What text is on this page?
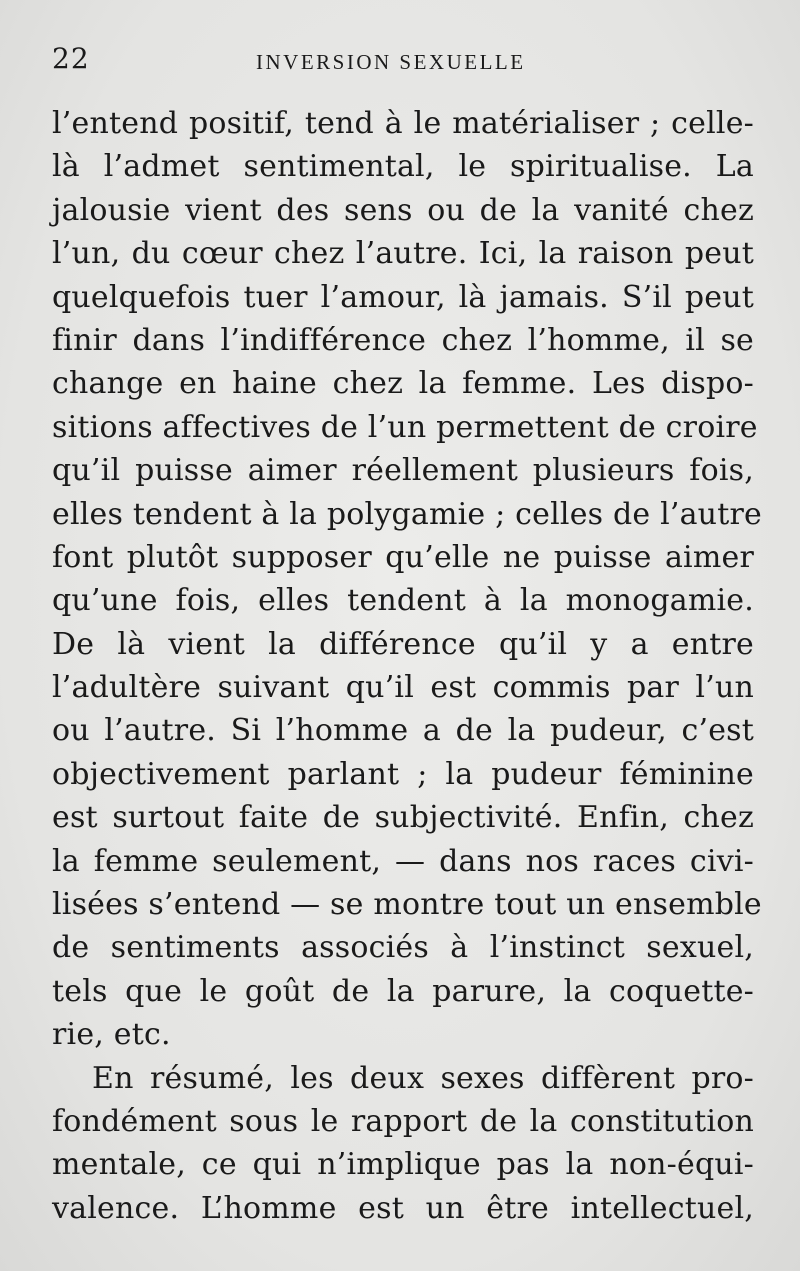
22	INVERSION SEXUELLE
l’entend positif, tend à le matérialiser ; celle-
là l’admet sentimental, le spiritualise. La
jalousie vient des sens ou de la vanité chez
l’un, du cœur chez l’autre. Ici, la raison peut
quelquefois tuer l’amour, là jamais. S’il peut
finir dans l’indifférence chez l’homme, il se
change en haine chez la femme. Les dispo-
sitions affectives de l’un permettent de croire
qu’il puisse aimer réellement plusieurs fois,
elles tendent à la polygamie ; celles de l’autre
font plutôt supposer qu’elle ne puisse aimer
qu’une fois, elles tendent à la monogamie.
De là vient la différence qu’il y a entre
l’adultère suivant qu’il est commis par l’un
ou l’autre. Si l’homme a de la pudeur, c’est
objectivement parlant ; la pudeur féminine
est surtout faite de subjectivité. Enfin, chez
la femme seulement, — dans nos races civi-
lisées s’entend — se montre tout un ensemble
de sentiments associés à l’instinct sexuel,
tels que le goût de la parure, la coquette-
rie, etc.
En résumé, les deux sexes diffèrent pro-
fondément sous le rapport de la constitution
mentale, ce qui n’implique pas la non-équi-
valence. L’homme est un être intellectuel,
